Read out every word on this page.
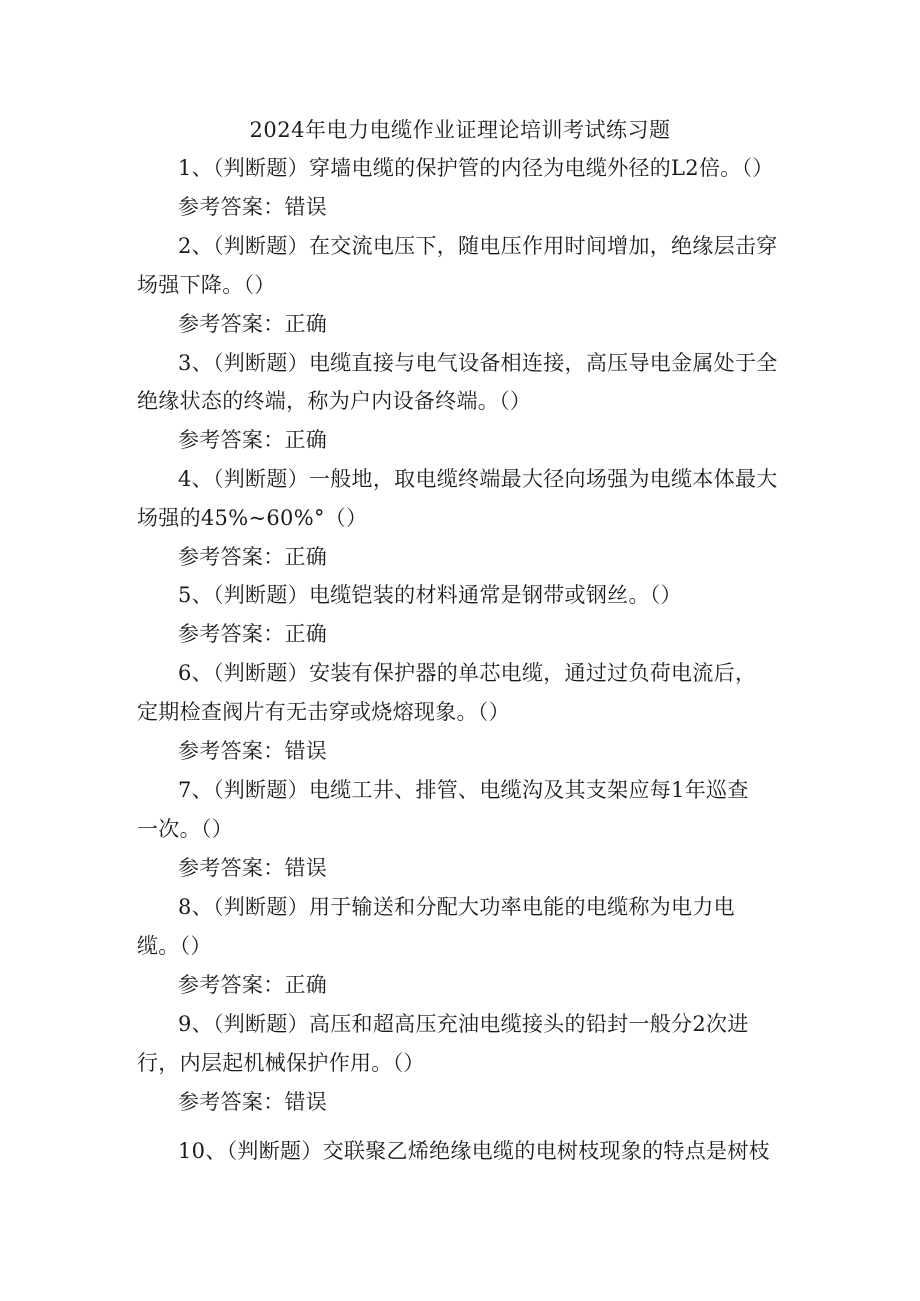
2024年电力电缆作业证理论培训考试练习题
1、（判断题）穿墙电缆的保护管的内径为电缆外径的L2倍。（）
参考答案：错误
2、（判断题）在交流电压下，随电压作用时间增加，绝缘层击穿
场强下降。（）
参考答案：正确
3、（判断题）电缆直接与电气设备相连接，高压导电金属处于全
绝缘状态的终端，称为户内设备终端。（）
参考答案：正确
4、（判断题）一般地，取电缆终端最大径向场强为电缆本体最大
场强的45%~60%°（）
参考答案：正确
5、（判断题）电缆铠装的材料通常是钢带或钢丝。（）
参考答案：正确
6、（判断题）安装有保护器的单芯电缆，通过过负荷电流后，
定期检查阀片有无击穿或烧熔现象。（）
参考答案：错误
7、（判断题）电缆工井、排管、电缆沟及其支架应每1年巡查
一次。（）
参考答案：错误
8、（判断题）用于输送和分配大功率电能的电缆称为电力电
缆。（）
参考答案：正确
9、（判断题）高压和超高压充油电缆接头的铅封一般分2次进
行，内层起机械保护作用。（）
参考答案：错误
10、（判断题）交联聚乙烯绝缘电缆的电树枝现象的特点是树枝
